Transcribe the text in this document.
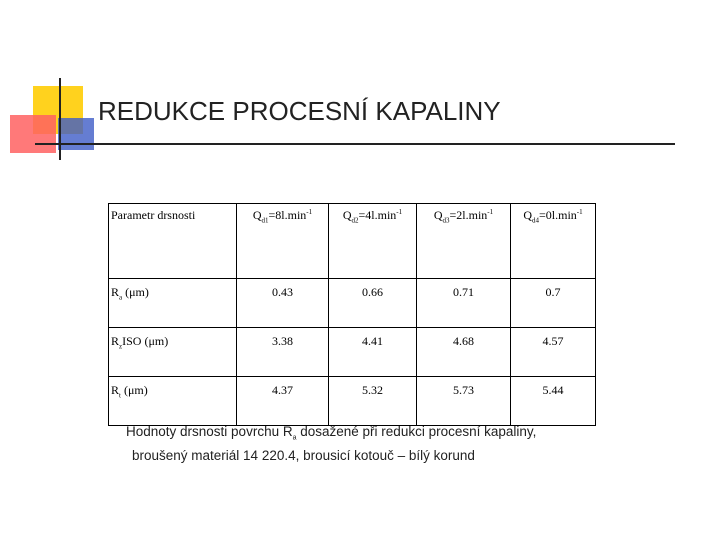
REDUKCE PROCESNÍ KAPALINY
Parametr drsnosti	$Q_{d1}=8l.\min^{-1}$	$Q_{d2}=4l.\min^{-1}$	$Q_{d3}=2l.\min^{-1}$	$Q_{d4}=0l.\min^{-1}$
$R_a$ (μm)	0.43	0.66	0.71	0.7
$R_zISO$ (μm)	3.38	4.41	4.68	4.57
$R_t$ (μm)	4.37	5.32	5.73	5.44
Hodnoty drsnosti povrchu $R_a$ dosažené při redukci procesní kapaliny,
broušený materiál 14 220.4, brousicí kotouč – bílý korund
